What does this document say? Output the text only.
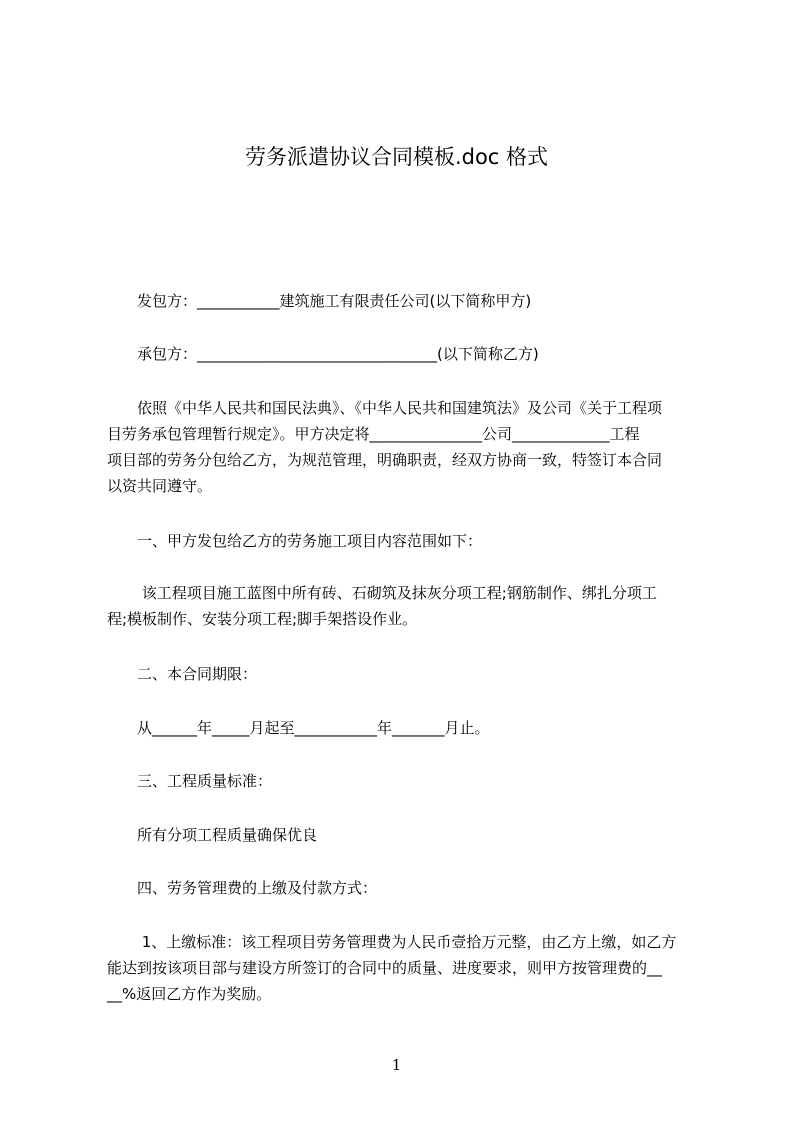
劳务派遣协议合同模板.doc 格式
　　发包方：___________建筑施工有限责任公司(以下简称甲方)
　　承包方：________________________________(以下简称乙方)
　　依照《中华人民共和国民法典》、《中华人民共和国建筑法》及公司《关于工程项
目劳务承包管理暂行规定》。甲方决定将_______________公司_____________工程
项目部的劳务分包给乙方，为规范管理，明确职责，经双方协商一致，特签订本合同
以资共同遵守。
　　一、甲方发包给乙方的劳务施工项目内容范围如下：
　　 该工程项目施工蓝图中所有砖、石砌筑及抹灰分项工程;钢筋制作、绑扎分项工
程;模板制作、安装分项工程;脚手架搭设作业。
　　二、本合同期限：
　　从______年_____月起至___________年_______月止。
　　三、工程质量标准：
　　所有分项工程质量确保优良
　　四、劳务管理费的上缴及付款方式：
　　 1、上缴标准：该工程项目劳务管理费为人民币壹拾万元整，由乙方上缴，如乙方
能达到按该项目部与建设方所签订的合同中的质量、进度要求，则甲方按管理费的__
__%返回乙方作为奖励。
1
